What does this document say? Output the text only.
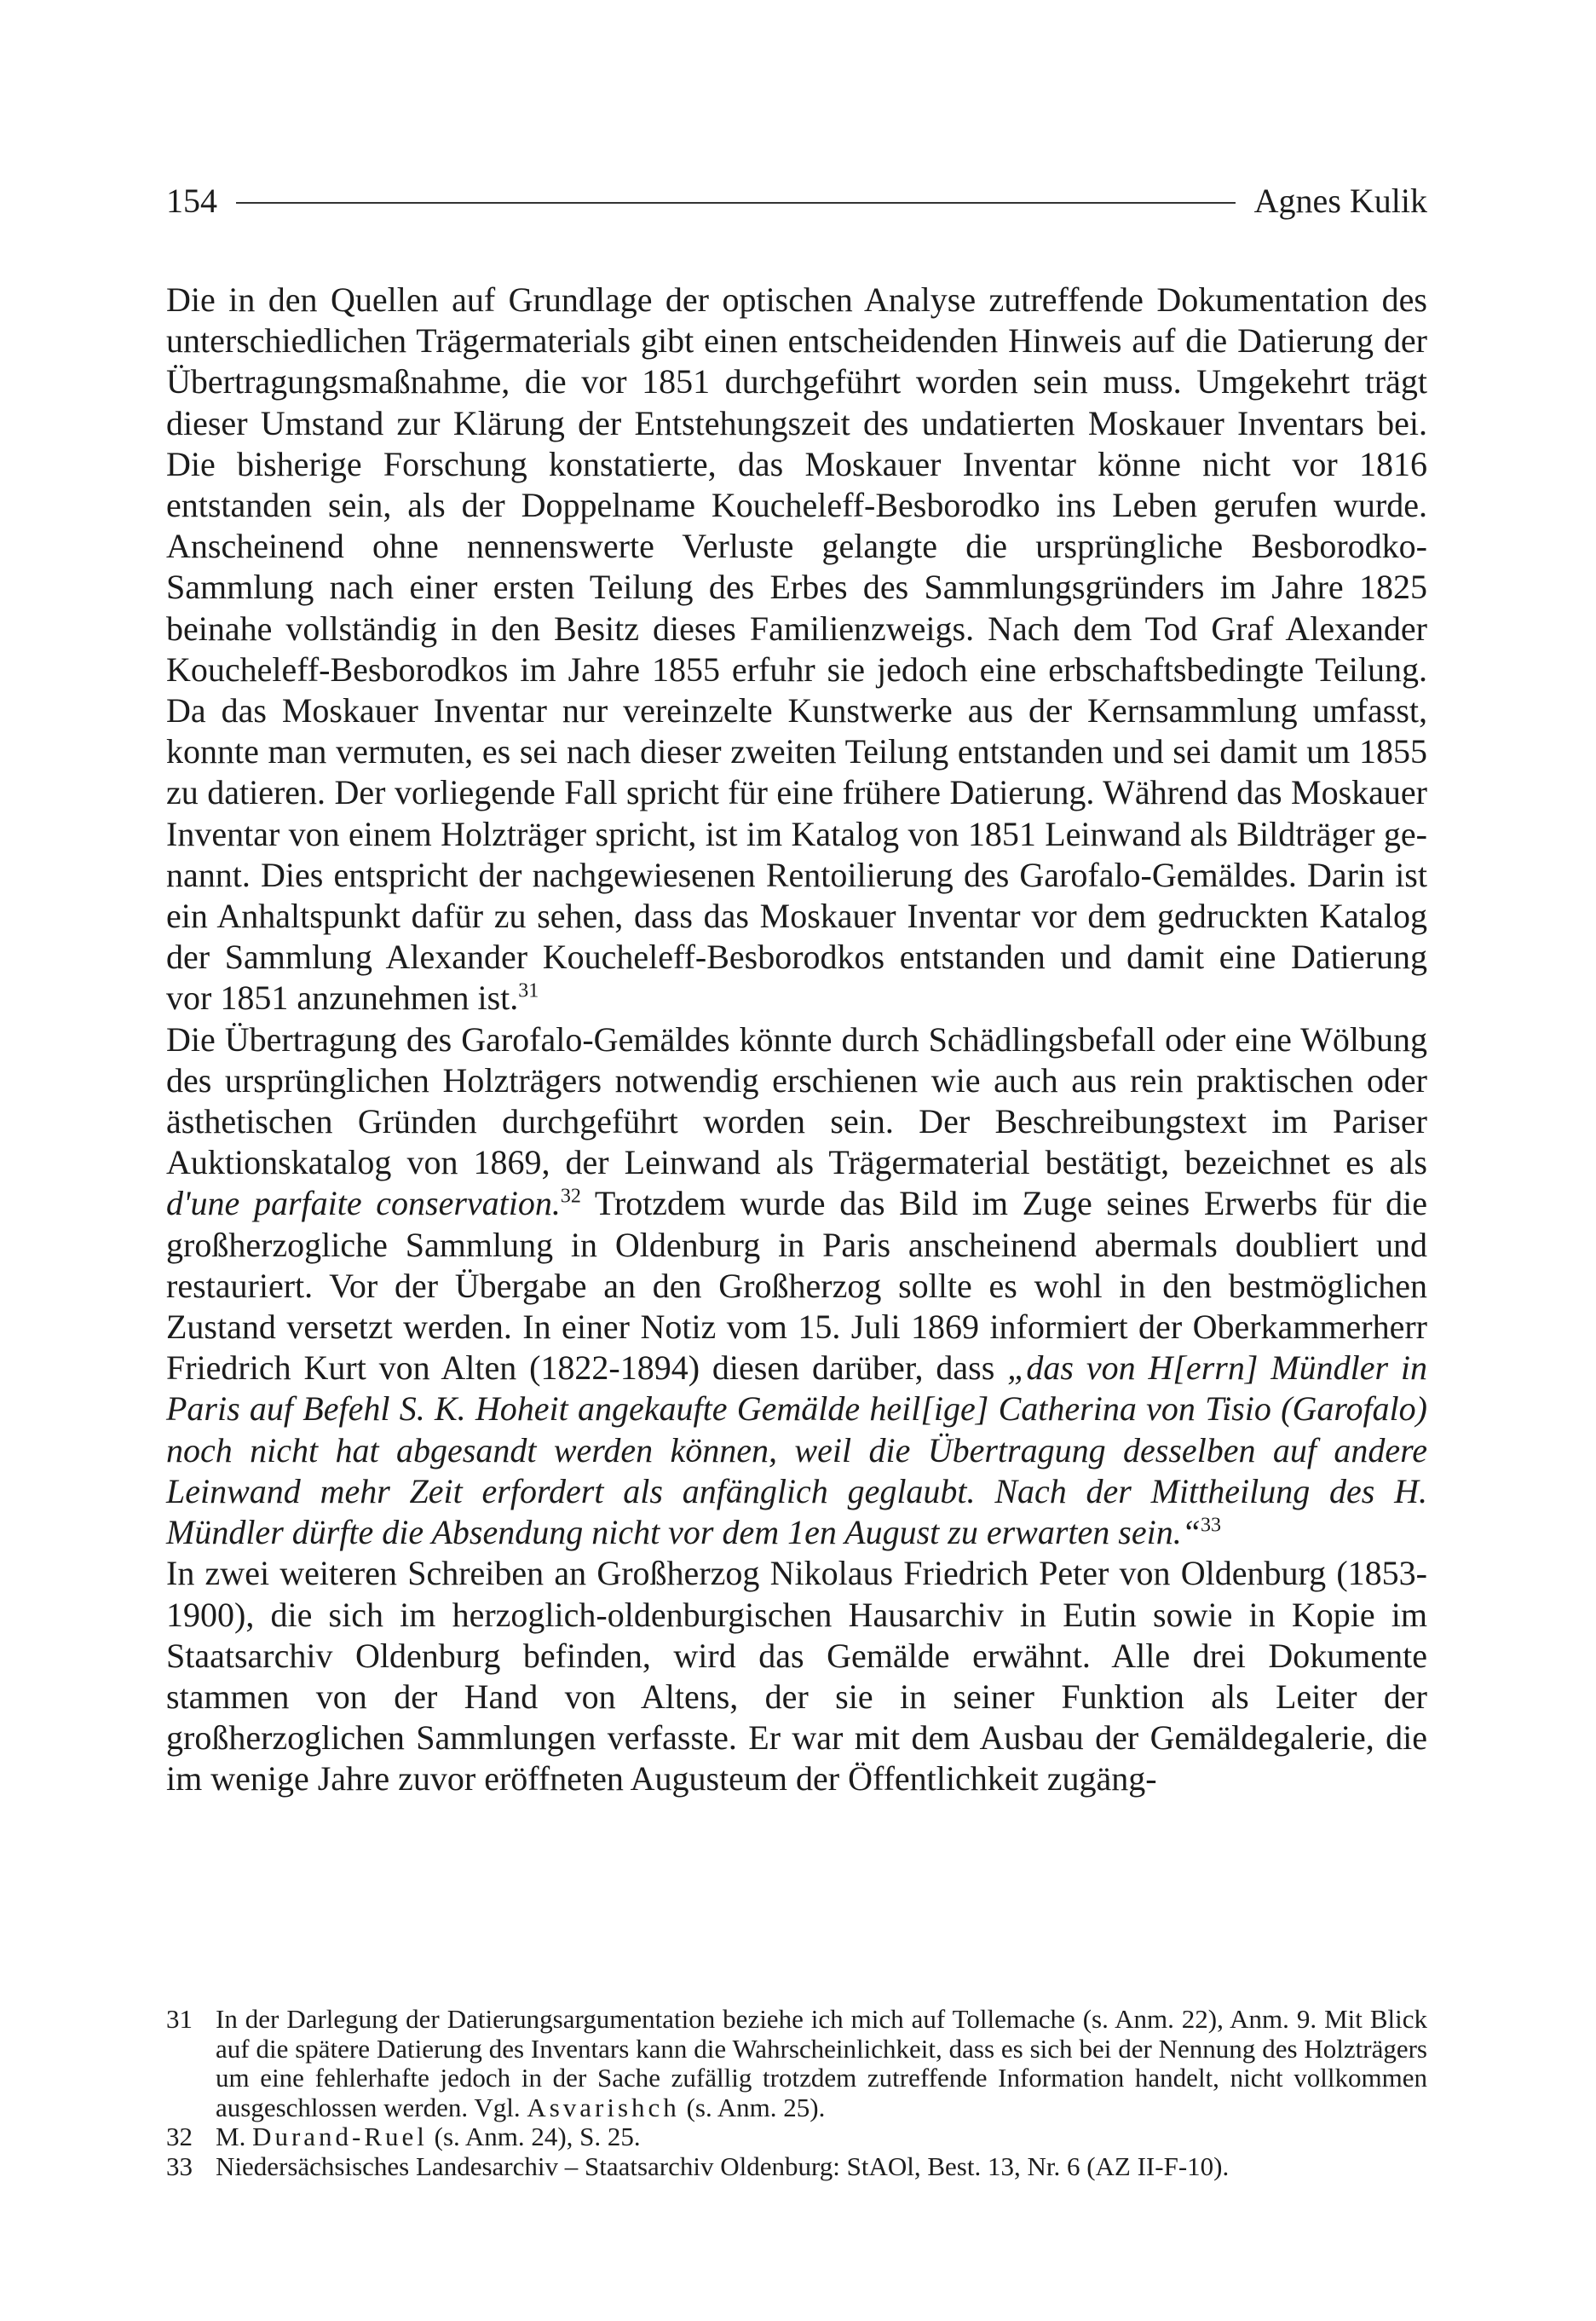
154	Agnes Kulik

Die in den Quellen auf Grundlage der optischen Analyse zutreffende Dokumentation des unterschiedlichen Trägermaterials gibt einen entscheidenden Hinweis auf die Datierung der Übertragungsmaßnahme, die vor 1851 durchgeführt worden sein muss. Umgekehrt trägt dieser Umstand zur Klärung der Entstehungszeit des undatierten Moskauer Inventars bei. Die bisherige Forschung konstatierte, das Moskauer Inventar könne nicht vor 1816 entstanden sein, als der Doppelname Koucheleff-Besborodko ins Leben gerufen wurde. Anscheinend ohne nennenswerte Verluste gelangte die ursprüngliche Besborodko-Sammlung nach einer ersten Teilung des Erbes des Sammlungsgründers im Jahre 1825 beinahe vollständig in den Besitz dieses Familienzweigs. Nach dem Tod Graf Alexander Koucheleff-Besborodkos im Jahre 1855 erfuhr sie jedoch eine erbschaftsbedingte Teilung. Da das Moskauer Inventar nur vereinzelte Kunstwerke aus der Kernsammlung umfasst, konnte man vermuten, es sei nach dieser zweiten Teilung entstanden und sei damit um 1855 zu datieren. Der vorliegende Fall spricht für eine frühere Datierung. Während das Moskauer Inventar von einem Holzträger spricht, ist im Katalog von 1851 Leinwand als Bildträger genannt. Dies entspricht der nachgewiesenen Rentoilierung des Garofalo-Gemäldes. Darin ist ein Anhaltspunkt dafür zu sehen, dass das Moskauer Inventar vor dem gedruckten Katalog der Sammlung Alexander Koucheleff-Besborodkos entstanden und damit eine Datierung vor 1851 anzunehmen ist.$^{31}$

Die Übertragung des Garofalo-Gemäldes könnte durch Schädlingsbefall oder eine Wölbung des ursprünglichen Holzträgers notwendig erschienen wie auch aus rein praktischen oder ästhetischen Gründen durchgeführt worden sein. Der Beschreibungstext im Pariser Auktionskatalog von 1869, der Leinwand als Trägermaterial bestätigt, bezeichnet es als d'une parfaite conservation.$^{32}$ Trotzdem wurde das Bild im Zuge seines Erwerbs für die großherzogliche Sammlung in Oldenburg in Paris anscheinend abermals doubliert und restauriert. Vor der Übergabe an den Großherzog sollte es wohl in den bestmöglichen Zustand versetzt werden. In einer Notiz vom 15. Juli 1869 informiert der Oberkammerherr Friedrich Kurt von Alten (1822-1894) diesen darüber, dass „das von H[errn] Mündler in Paris auf Befehl S. K. Hoheit angekaufte Gemälde heil[ige] Catherina von Tisio (Garofalo) noch nicht hat abgesandt werden können, weil die Übertragung desselben auf andere Leinwand mehr Zeit erfordert als anfänglich geglaubt. Nach der Mittheilung des H. Mündler dürfte die Absendung nicht vor dem 1en August zu erwarten sein.“$^{33}$

In zwei weiteren Schreiben an Großherzog Nikolaus Friedrich Peter von Oldenburg (1853-1900), die sich im herzoglich-oldenburgischen Hausarchiv in Eutin sowie in Kopie im Staatsarchiv Oldenburg befinden, wird das Gemälde erwähnt. Alle drei Dokumente stammen von der Hand von Altens, der sie in seiner Funktion als Leiter der großherzoglichen Sammlungen verfasste. Er war mit dem Ausbau der Gemäldegalerie, die im wenige Jahre zuvor eröffneten Augusteum der Öffentlichkeit zugäng-

31 In der Darlegung der Datierungsargumentation beziehe ich mich auf Tollemache (s. Anm. 22), Anm. 9. Mit Blick auf die spätere Datierung des Inventars kann die Wahrscheinlichkeit, dass es sich bei der Nennung des Holzträgers um eine fehlerhafte jedoch in der Sache zufällig trotzdem zutreffende Information handelt, nicht vollkommen ausgeschlossen werden. Vgl. Asvarishch (s. Anm. 25).
32 M. Durand-Ruel (s. Anm. 24), S. 25.
33 Niedersächsisches Landesarchiv – Staatsarchiv Oldenburg: StAOl, Best. 13, Nr. 6 (AZ II-F-10).
